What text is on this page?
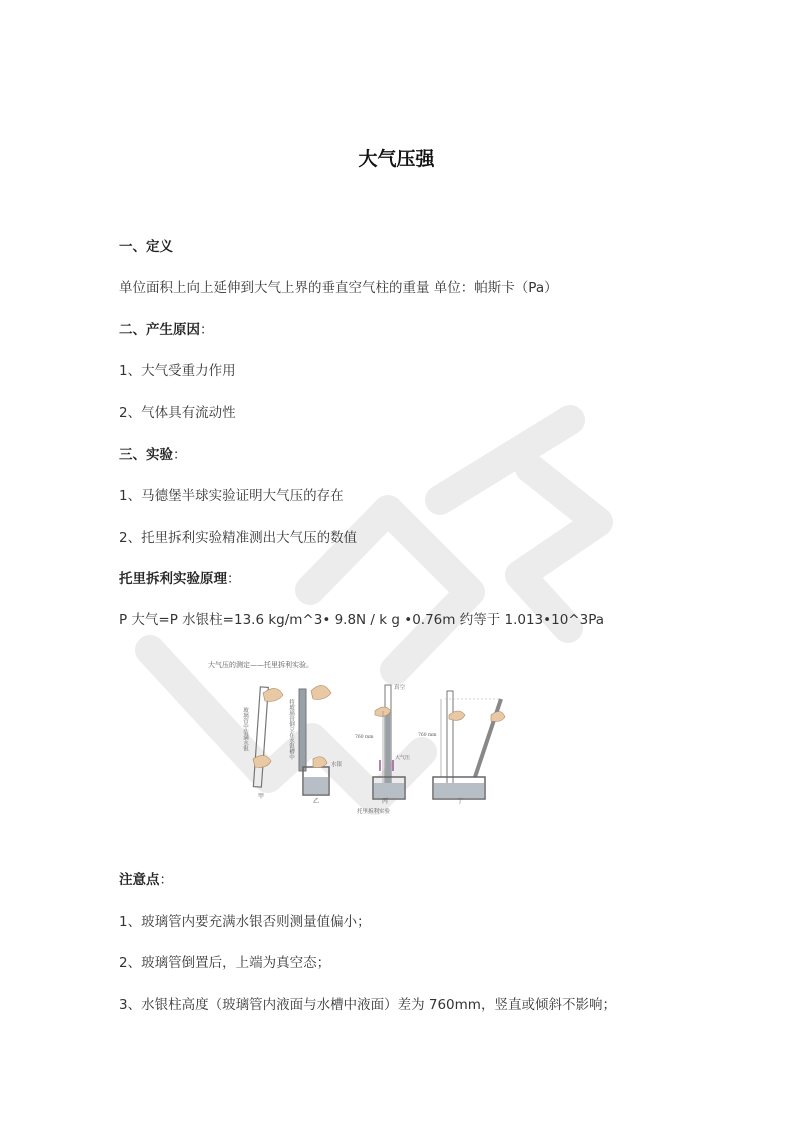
大气压强
一、定义
单位面积上向上延伸到大气上界的垂直空气柱的重量 单位：帕斯卡（Pa）
二、产生原因：
1、大气受重力作用
2、气体具有流动性
三、实验：
1、马德堡半球实验证明大气压的存在
2、托里拆利实验精准测出大气压的数值
托里拆利实验原理：
P 大气=P 水银柱=13.6 kg/m^3• 9.8N / k g •0.76m 约等于 1.013•10^3Pa
大气压的测定——托里拆利实验。
玻璃管中装满水银
甲
将玻璃管倒立在水银槽中
水银
乙
真空
760 mm
大气压
丙
托里拆利实验
760 mm
丁
注意点：
1、玻璃管内要充满水银否则测量值偏小；
2、玻璃管倒置后，上端为真空态；
3、水银柱高度（玻璃管内液面与水槽中液面）差为 760mm，竖直或倾斜不影响；
